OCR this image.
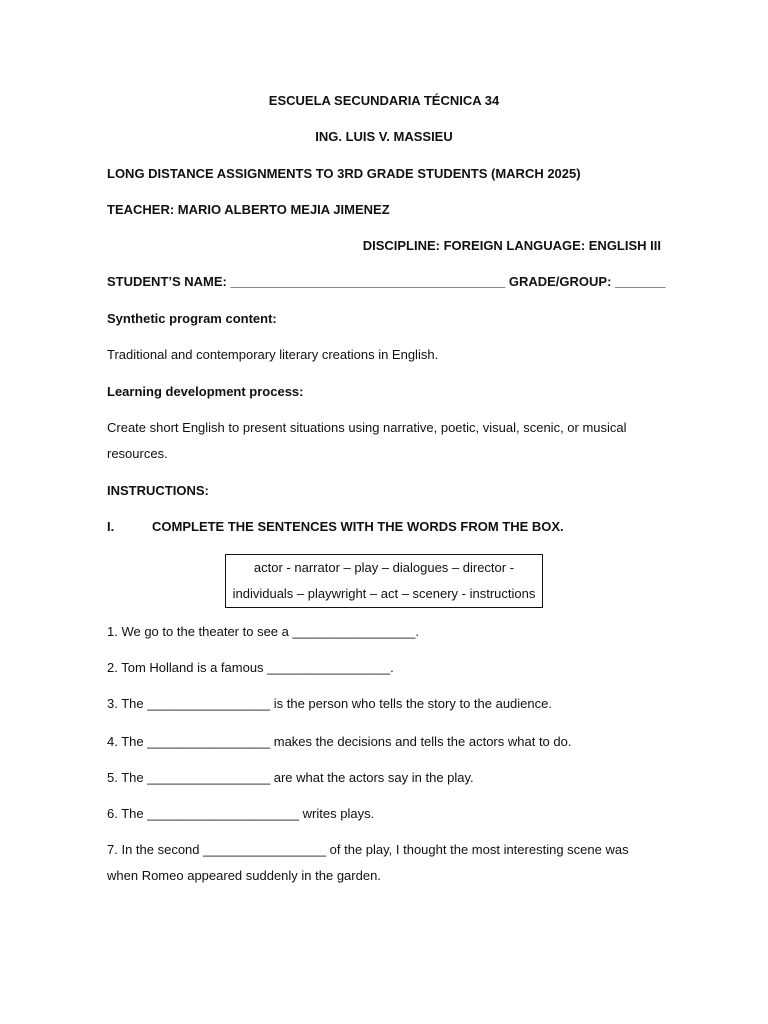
ESCUELA SECUNDARIA TÉCNICA 34
ING. LUIS V. MASSIEU
LONG DISTANCE ASSIGNMENTS TO 3RD GRADE STUDENTS (MARCH 2025)
TEACHER: MARIO ALBERTO MEJIA JIMENEZ
DISCIPLINE: FOREIGN LANGUAGE: ENGLISH III
STUDENT’S NAME: ______________________________________ GRADE/GROUP: _______
Synthetic program content:
Traditional and contemporary literary creations in English.
Learning development process:
Create short English to present situations using narrative, poetic, visual, scenic, or musical
resources.
INSTRUCTIONS:
I.	COMPLETE THE SENTENCES WITH THE WORDS FROM THE BOX.
actor - narrator – play – dialogues – director -
individuals – playwright – act – scenery - instructions
1. We go to the theater to see a _________________.
2. Tom Holland is a famous _________________.
3. The _________________ is the person who tells the story to the audience.
4. The _________________ makes the decisions and tells the actors what to do.
5. The _________________ are what the actors say in the play.
6. The _____________________ writes plays.
7. In the second _________________ of the play, I thought the most interesting scene was
when Romeo appeared suddenly in the garden.
